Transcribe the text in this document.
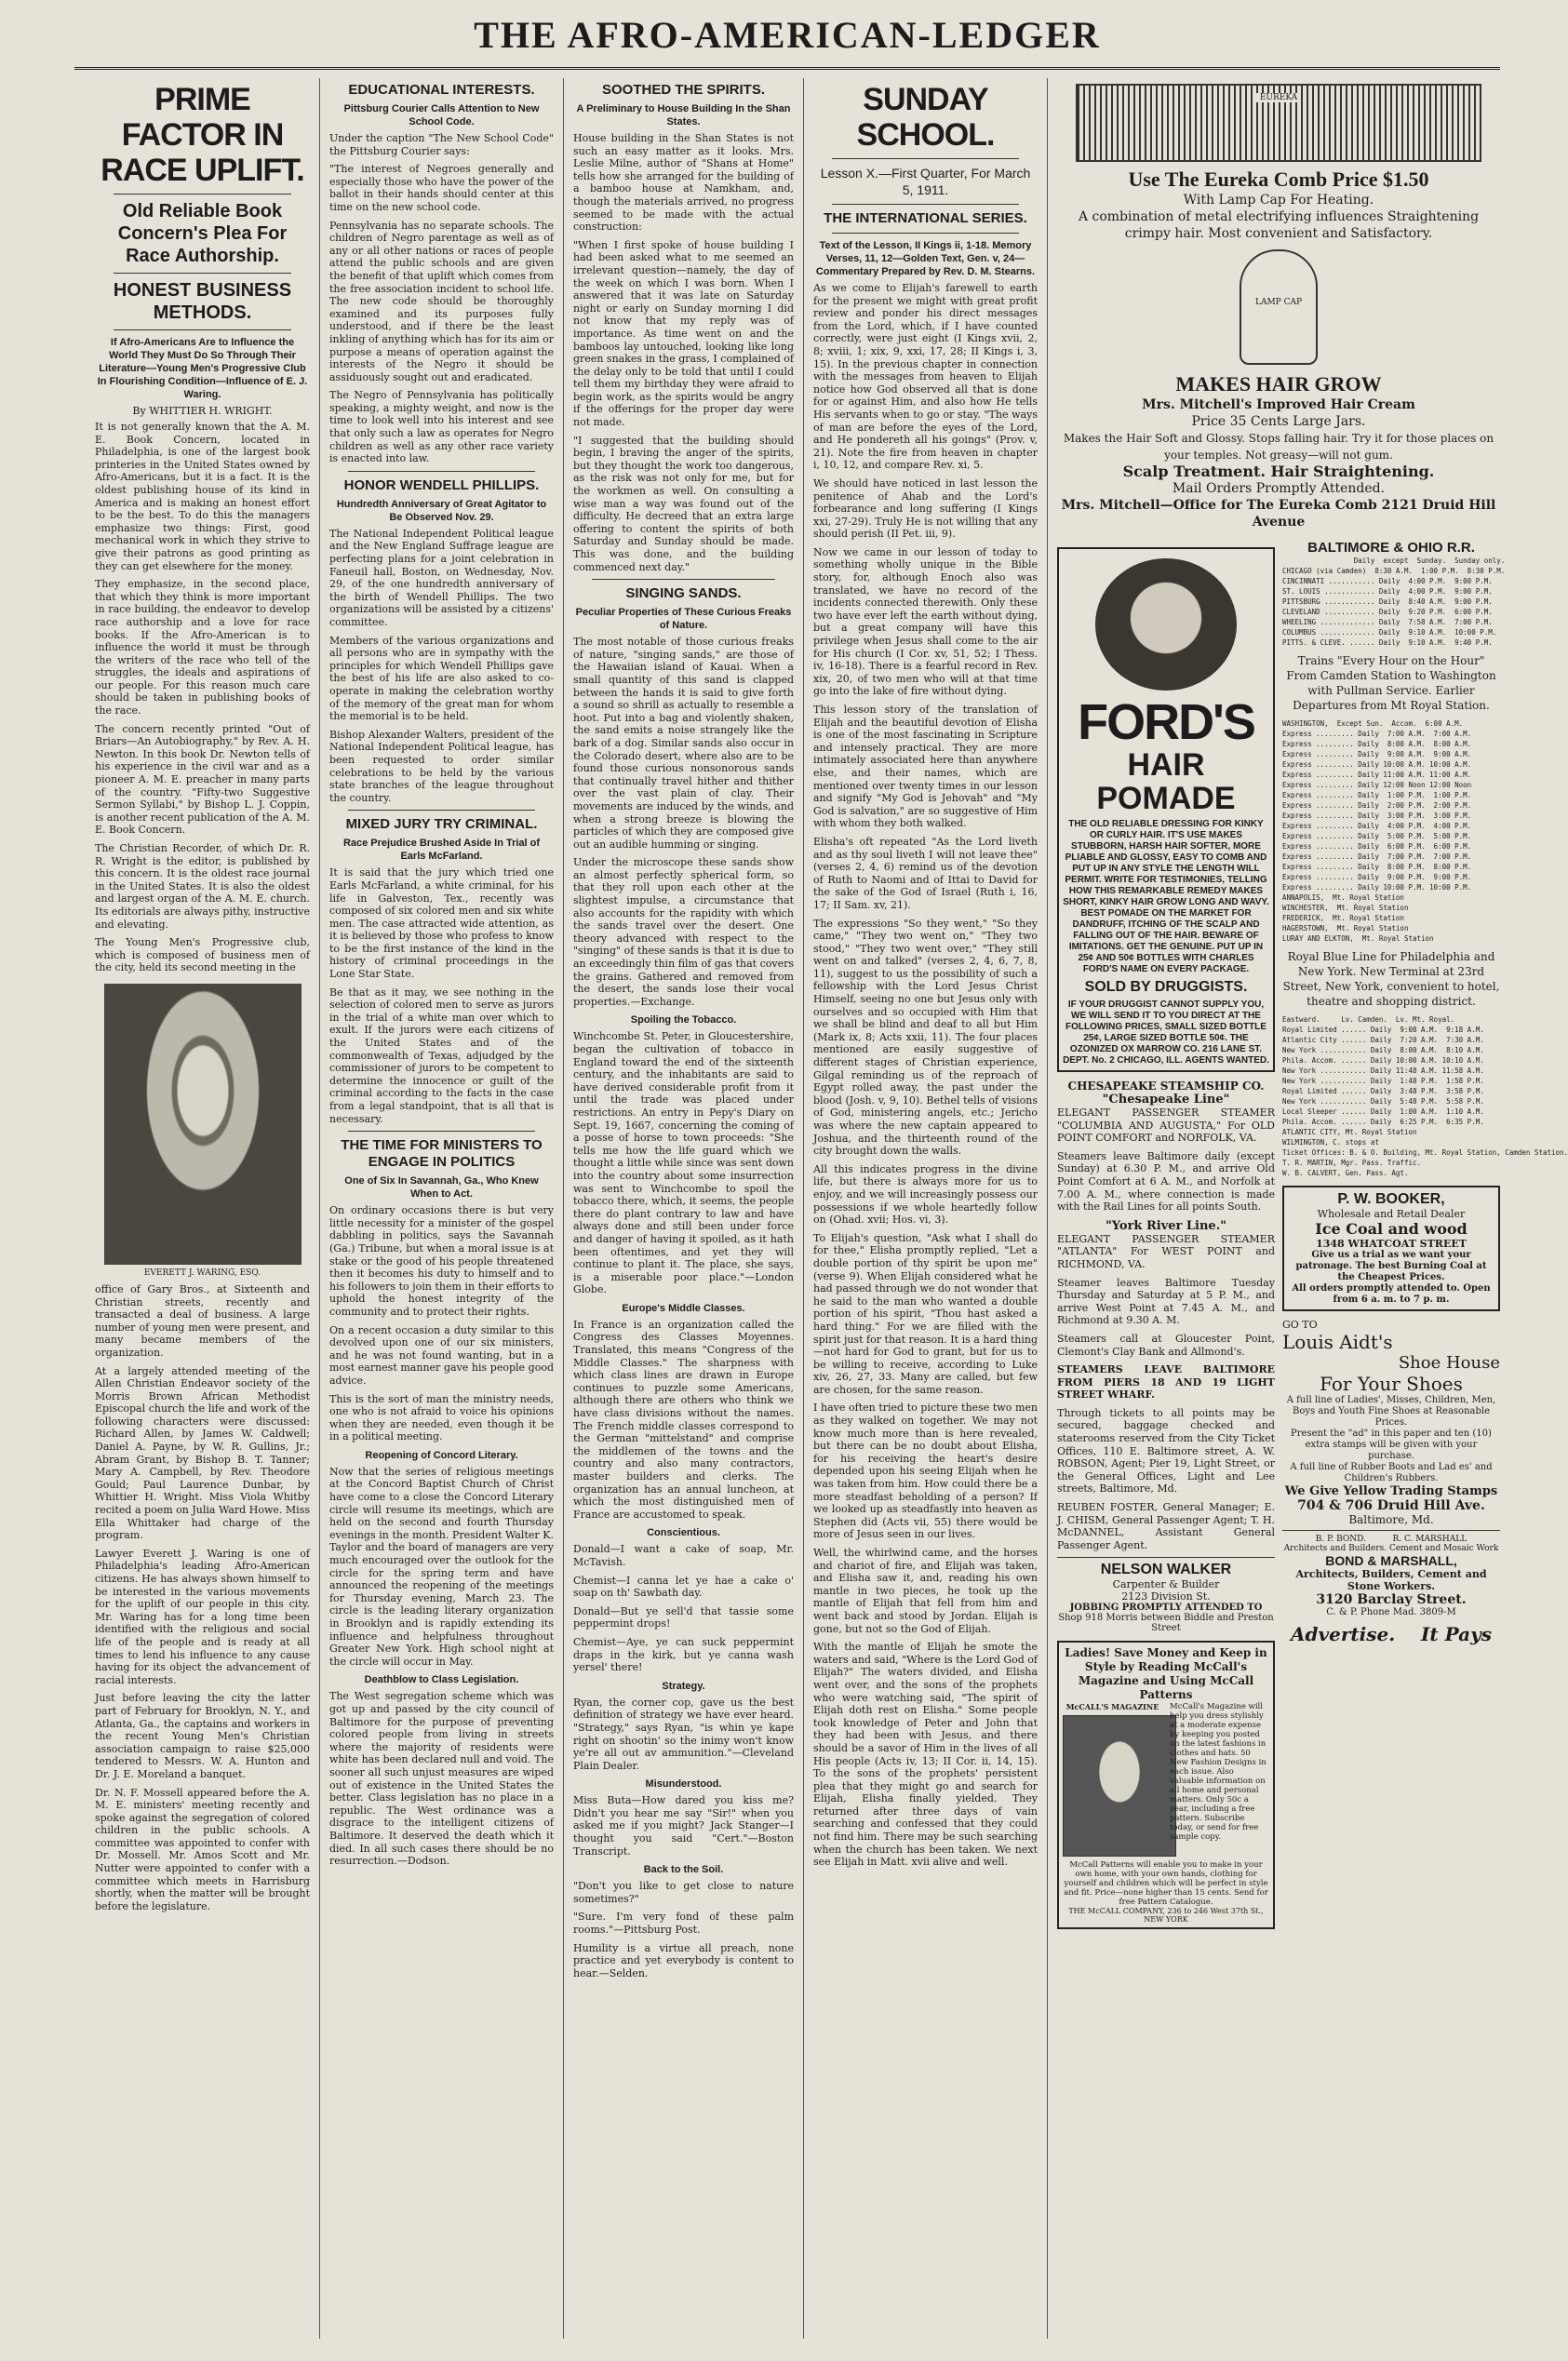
THE AFRO-AMERICAN-LEDGER
PRIME FACTOR IN RACE UPLIFT.
Old Reliable Book Concern's Plea For Race Authorship.
HONEST BUSINESS METHODS.
If Afro-Americans Are to Influence the World They Must Do So Through Their Literature—Young Men's Progressive Club In Flourishing Condition—Influence of E. J. Waring.
By WHITTIER H. WRIGHT.

It is not generally known that the A. M. E. Book Concern, located in Philadelphia, is one of the largest book printeries in the United States owned by Afro-Americans, but it is a fact. It is the oldest publishing house of its kind in America and is making an honest effort to be the best. To do this the managers emphasize two things: First, good mechanical work in which they strive to give their patrons as good printing as they can get elsewhere for the money.

They emphasize, in the second place, that which they think is more important in race building, the endeavor to develop race authorship and a love for race books. If the Afro-American is to influence the world it must be through the writers of the race who tell of the struggles, the ideals and aspirations of our people. For this reason much care should be taken in publishing books of the race.

The concern recently printed "Out of Briars—An Autobiography," by Rev. A. H. Newton. In this book Dr. Newton tells of his experience in the civil war and as a pioneer A. M. E. preacher in many parts of the country. "Fifty-two Suggestive Sermon Syllabi," by Bishop L. J. Coppin, is another recent publication of the A. M. E. Book Concern.

The Christian Recorder, of which Dr. R. R. Wright is the editor, is published by this concern. It is the oldest race journal in the United States. It is also the oldest and largest organ of the A. M. E. church. Its editorials are always pithy, instructive and elevating.

The Young Men's Progressive club, which is composed of business men of the city, held its second meeting in the

EVERETT J. WARING, ESQ.

office of Gary Bros., at Sixteenth and Christian streets, recently and transacted a deal of business. A large number of young men were present, and many became members of the organization.

At a largely attended meeting of the Allen Christian Endeavor society of the Morris Brown African Methodist Episcopal church the life and work of the following characters were discussed: Richard Allen, by James W. Caldwell; Daniel A. Payne, by W. R. Gullins, Jr.; Abram Grant, by Bishop B. T. Tanner; Mary A. Campbell, by Rev. Theodore Gould; Paul Laurence Dunbar, by Whittier H. Wright. Miss Viola Whitby recited a poem on Julia Ward Howe. Miss Ella Whittaker had charge of the program.

Lawyer Everett J. Waring is one of Philadelphia's leading Afro-American citizens. He has always shown himself to be interested in the various movements for the uplift of our people in this city. Mr. Waring has for a long time been identified with the religious and social life of the people and is ready at all times to lend his influence to any cause having for its object the advancement of racial interests.

Just before leaving the city the latter part of February for Brooklyn, N. Y., and Atlanta, Ga., the captains and workers in the recent Young Men's Christian association campaign to raise $25,000 tendered to Messrs. W. A. Hunton and Dr. J. E. Moreland a banquet.

Dr. N. F. Mossell appeared before the A. M. E. ministers' meeting recently and spoke against the segregation of colored children in the public schools. A committee was appointed to confer with Dr. Mossell. Mr. Amos Scott and Mr. Nutter were appointed to confer with a committee which meets in Harrisburg shortly, when the matter will be brought before the legislature.

EDUCATIONAL INTERESTS.
Pittsburg Courier Calls Attention to New School Code.

Under the caption "The New School Code" the Pittsburg Courier says:

"The interest of Negroes generally and especially those who have the power of the ballot in their hands should center at this time on the new school code.

Pennsylvania has no separate schools. The children of Negro parentage as well as of any or all other nations or races of people attend the public schools and are given the benefit of that uplift which comes from the free association incident to school life. The new code should be thoroughly examined and its purposes fully understood, and if there be the least inkling of anything which has for its aim or purpose a means of operation against the interests of the Negro it should be assiduously sought out and eradicated.

The Negro of Pennsylvania has politically speaking, a mighty weight, and now is the time to look well into his interest and see that only such a law as operates for Negro children as well as any other race variety is enacted into law.

HONOR WENDELL PHILLIPS.
Hundredth Anniversary of Great Agitator to Be Observed Nov. 29.

The National Independent Political league and the New England Suffrage league are perfecting plans for a joint celebration in Faneuil hall, Boston, on Wednesday, Nov. 29, of the one hundredth anniversary of the birth of Wendell Phillips. The two organizations will be assisted by a citizens' committee.

Members of the various organizations and all persons who are in sympathy with the principles for which Wendell Phillips gave the best of his life are also asked to co-operate in making the celebration worthy of the memory of the great man for whom the memorial is to be held.

Bishop Alexander Walters, president of the National Independent Political league, has been requested to order similar celebrations to be held by the various state branches of the league throughout the country.

MIXED JURY TRY CRIMINAL.
Race Prejudice Brushed Aside In Trial of Earls McFarland.

It is said that the jury which tried one Earls McFarland, a white criminal, for his life in Galveston, Tex., recently was composed of six colored men and six white men. The case attracted wide attention, as it is believed by those who profess to know to be the first instance of the kind in the history of criminal proceedings in the Lone Star State.

Be that as it may, we see nothing in the selection of colored men to serve as jurors in the trial of a white man over which to exult. If the jurors were each citizens of the United States and of the commonwealth of Texas, adjudged by the commissioner of jurors to be competent to determine the innocence or guilt of the criminal according to the facts in the case from a legal standpoint, that is all that is necessary.

THE TIME FOR MINISTERS TO ENGAGE IN POLITICS
One of Six In Savannah, Ga., Who Knew When to Act.

On ordinary occasions there is but very little necessity for a minister of the gospel dabbling in politics, says the Savannah (Ga.) Tribune, but when a moral issue is at stake or the good of his people threatened then it becomes his duty to himself and to his followers to join them in their efforts to uphold the honest integrity of the community and to protect their rights.

On a recent occasion a duty similar to this devolved upon one of our six ministers, and he was not found wanting, but in a most earnest manner gave his people good advice.

This is the sort of man the ministry needs, one who is not afraid to voice his opinions when they are needed, even though it be in a political meeting.

Reopening of Concord Literary.

Now that the series of religious meetings at the Concord Baptist Church of Christ have come to a close the Concord Literary circle will resume its meetings, which are held on the second and fourth Thursday evenings in the month. President Walter K. Taylor and the board of managers are very much encouraged over the outlook for the circle for the spring term and have announced the reopening of the meetings for Thursday evening, March 23. The circle is the leading literary organization in Brooklyn and is rapidly extending its influence and helpfulness throughout Greater New York. High school night at the circle will occur in May.

Deathblow to Class Legislation.

The West segregation scheme which was got up and passed by the city council of Baltimore for the purpose of preventing colored people from living in streets where the majority of residents were white has been declared null and void. The sooner all such unjust measures are wiped out of existence in the United States the better. Class legislation has no place in a republic. The West ordinance was a disgrace to the intelligent citizens of Baltimore. It deserved the death which it died. In all such cases there should be no resurrection.—Dodson.

SOOTHED THE SPIRITS.
A Preliminary to House Building In the Shan States.

House building in the Shan States is not such an easy matter as it looks. Mrs. Leslie Milne, author of "Shans at Home" tells how she arranged for the building of a bamboo house at Namkham, and, though the materials arrived, no progress seemed to be made with the actual construction:

"When I first spoke of house building I had been asked what to me seemed an irrelevant question—namely, the day of the week on which I was born. When I answered that it was late on Saturday night or early on Sunday morning I did not know that my reply was of importance. As time went on and the bamboos lay untouched, looking like long green snakes in the grass, I complained of the delay only to be told that until I could tell them my birthday they were afraid to begin work, as the spirits would be angry if the offerings for the proper day were not made.

"I suggested that the building should begin, I braving the anger of the spirits, but they thought the work too dangerous, as the risk was not only for me, but for the workmen as well. On consulting a wise man a way was found out of the difficulty. He decreed that an extra large offering to content the spirits of both Saturday and Sunday should be made. This was done, and the building commenced next day."

SINGING SANDS.
Peculiar Properties of These Curious Freaks of Nature.

The most notable of those curious freaks of nature, "singing sands," are those of the Hawaiian island of Kauai. When a small quantity of this sand is clapped between the hands it is said to give forth a sound so shrill as actually to resemble a hoot. Put into a bag and violently shaken, the sand emits a noise strangely like the bark of a dog. Similar sands also occur in the Colorado desert, where also are to be found those curious nonsonorous sands that continually travel hither and thither over the vast plain of clay. Their movements are induced by the winds, and when a strong breeze is blowing the particles of which they are composed give out an audible humming or singing.

Under the microscope these sands show an almost perfectly spherical form, so that they roll upon each other at the slightest impulse, a circumstance that also accounts for the rapidity with which the sands travel over the desert. One theory advanced with respect to the "singing" of these sands is that it is due to an exceedingly thin film of gas that covers the grains. Gathered and removed from the desert, the sands lose their vocal properties.—Exchange.

Spoiling the Tobacco.

Winchcombe St. Peter, in Gloucestershire, began the cultivation of tobacco in England toward the end of the sixteenth century, and the inhabitants are said to have derived considerable profit from it until the trade was placed under restrictions. An entry in Pepy's Diary on Sept. 19, 1667, concerning the coming of a posse of horse to town proceeds: "She tells me how the life guard which we thought a little while since was sent down into the country about some insurrection was sent to Winchcombe to spoil the tobacco there, which, it seems, the people there do plant contrary to law and have always done and still been under force and danger of having it spoiled, as it hath been oftentimes, and yet they will continue to plant it. The place, she says, is a miserable poor place."—London Globe.

Europe's Middle Classes.

In France is an organization called the Congress des Classes Moyennes. Translated, this means "Congress of the Middle Classes." The sharpness with which class lines are drawn in Europe continues to puzzle some Americans, although there are others who think we have class divisions without the names. The French middle classes correspond to the German "mittelstand" and comprise the middlemen of the towns and the country and also many contractors, master builders and clerks. The organization has an annual luncheon, at which the most distinguished men of France are accustomed to speak.

Conscientious.

Donald—I want a cake of soap, Mr. McTavish.

Chemist—I canna let ye hae a cake o' soap on th' Sawbath day.

Donald—But ye sell'd that tassie some peppermint drops!

Chemist—Aye, ye can suck peppermint draps in the kirk, but ye canna wash yersel' there!

Strategy.

Ryan, the corner cop, gave us the best definition of strategy we have ever heard. "Strategy," says Ryan, "is whin ye kape right on shootin' so the inimy won't know ye're all out av ammunition."—Cleveland Plain Dealer.

Misunderstood.

Miss Buta—How dared you kiss me? Didn't you hear me say "Sir!" when you asked me if you might? Jack Stanger—I thought you said "Cert."—Boston Transcript.

Back to the Soil.

"Don't you like to get close to nature sometimes?"

"Sure. I'm very fond of these palm rooms."—Pittsburg Post.

Humility is a virtue all preach, none practice and yet everybody is content to hear.—Selden.

SUNDAY SCHOOL.
Lesson X.—First Quarter, For March 5, 1911.
THE INTERNATIONAL SERIES.
Text of the Lesson, II Kings ii, 1-18. Memory Verses, 11, 12—Golden Text, Gen. v, 24—Commentary Prepared by Rev. D. M. Stearns.

As we come to Elijah's farewell to earth for the present we might with great profit review and ponder his direct messages from the Lord, which, if I have counted correctly, were just eight (I Kings xvii, 2, 8; xviii, 1; xix, 9, xxi, 17, 28; II Kings i, 3, 15). In the previous chapter in connection with the messages from heaven to Elijah notice how God observed all that is done for or against Him, and also how He tells His servants when to go or stay. "The ways of man are before the eyes of the Lord, and He pondereth all his goings" (Prov. v, 21). Note the fire from heaven in chapter i, 10, 12, and compare Rev. xi, 5.

We should have noticed in last lesson the penitence of Ahab and the Lord's forbearance and long suffering (I Kings xxi, 27-29). Truly He is not willing that any should perish (II Pet. iii, 9).

Now we came in our lesson of today to something wholly unique in the Bible story, for, although Enoch also was translated, we have no record of the incidents connected therewith. Only these two have ever left the earth without dying, but a great company will have this privilege when Jesus shall come to the air for His church (I Cor. xv, 51, 52; I Thess. iv, 16-18). There is a fearful record in Rev. xix, 20, of two men who will at that time go into the lake of fire without dying.

This lesson story of the translation of Elijah and the beautiful devotion of Elisha is one of the most fascinating in Scripture and intensely practical. They are more intimately associated here than anywhere else, and their names, which are mentioned over twenty times in our lesson and signify "My God is Jehovah" and "My God is salvation," are so suggestive of Him with whom they both walked.

Elisha's oft repeated "As the Lord liveth and as thy soul liveth I will not leave thee" (verses 2, 4, 6) remind us of the devotion of Ruth to Naomi and of Ittai to David for the sake of the God of Israel (Ruth i, 16, 17; II Sam. xv, 21).

The expressions "So they went," "So they came," "They two went on," "They two stood," "They two went over," "They still went on and talked" (verses 2, 4, 6, 7, 8, 11), suggest to us the possibility of such a fellowship with the Lord Jesus Christ Himself, seeing no one but Jesus only with ourselves and so occupied with Him that we shall be blind and deaf to all but Him (Mark ix, 8; Acts xxii, 11). The four places mentioned are easily suggestive of different stages of Christian experience, Gilgal reminding us of the reproach of Egypt rolled away, the past under the blood (Josh. v, 9, 10). Bethel tells of visions of God, ministering angels, etc.; Jericho was where the new captain appeared to Joshua, and the thirteenth round of the city brought down the walls.

All this indicates progress in the divine life, but there is always more for us to enjoy, and we will increasingly possess our possessions if we whole heartedly follow on (Ohad. xvii; Hos. vi, 3).

To Elijah's question, "Ask what I shall do for thee," Elisha promptly replied, "Let a double portion of thy spirit be upon me" (verse 9). When Elijah considered what he had passed through we do not wonder that he said to the man who wanted a double portion of his spirit, "Thou hast asked a hard thing." For we are filled with the spirit just for that reason. It is a hard thing—not hard for God to grant, but for us to be willing to receive, according to Luke xiv, 26, 27, 33. Many are called, but few are chosen, for the same reason.

I have often tried to picture these two men as they walked on together. We may not know much more than is here revealed, but there can be no doubt about Elisha, for his receiving the heart's desire depended upon his seeing Elijah when he was taken from him. How could there be a more steadfast beholding of a person? If we looked up as steadfastly into heaven as Stephen did (Acts vii, 55) there would be more of Jesus seen in our lives.

Well, the whirlwind came, and the horses and chariot of fire, and Elijah was taken, and Elisha saw it, and, reading his own mantle in two pieces, he took up the mantle of Elijah that fell from him and went back and stood by Jordan. Elijah is gone, but not so the God of Elijah.

With the mantle of Elijah he smote the waters and said, "Where is the Lord God of Elijah?" The waters divided, and Elisha went over, and the sons of the prophets who were watching said, "The spirit of Elijah doth rest on Elisha." Some people took knowledge of Peter and John that they had been with Jesus, and there should be a savor of Him in the lives of all His people (Acts iv, 13; II Cor. ii, 14, 15). To the sons of the prophets' persistent plea that they might go and search for Elijah, Elisha finally yielded. They returned after three days of vain searching and confessed that they could not find him. There may be such searching when the church has been taken. We next see Elijah in Matt. xvii alive and well.

EUREKA
Use The Eureka Comb Price $1.50
With Lamp Cap For Heating.
A combination of metal electrifying influences Straightening crimpy hair. Most convenient and Satisfactory.
LAMP CAP
MAKES HAIR GROW
Mrs. Mitchell's Improved Hair Cream
Price 35 Cents Large Jars.
Makes the Hair Soft and Glossy. Stops falling hair. Try it for those places on your temples. Not greasy—will not gum.
Scalp Treatment. Hair Straightening.
Mail Orders Promptly Attended.
Mrs. Mitchell—Office for The Eureka Comb 2121 Druid Hill Avenue
FORD'S
HAIR POMADE
THE OLD RELIABLE DRESSING FOR KINKY OR CURLY HAIR. IT'S USE MAKES STUBBORN, HARSH HAIR SOFTER, MORE PLIABLE AND GLOSSY, EASY TO COMB AND PUT UP IN ANY STYLE THE LENGTH WILL PERMIT. WRITE FOR TESTIMONIES, TELLING HOW THIS REMARKABLE REMEDY MAKES SHORT, KINKY HAIR GROW LONG AND WAVY. BEST POMADE ON THE MARKET FOR DANDRUFF, ITCHING OF THE SCALP AND FALLING OUT OF THE HAIR. BEWARE OF IMITATIONS. GET THE GENUINE. PUT UP IN 25¢ AND 50¢ BOTTLES WITH CHARLES FORD'S NAME ON EVERY PACKAGE.
SOLD BY DRUGGISTS.
IF YOUR DRUGGIST CANNOT SUPPLY YOU, WE WILL SEND IT TO YOU DIRECT AT THE FOLLOWING PRICES, SMALL SIZED BOTTLE 25¢, LARGE SIZED BOTTLE 50¢. THE OZONIZED OX MARROW CO. 216 LANE ST. DEPT. No. 2 CHICAGO, ILL. AGENTS WANTED.
CHESAPEAKE STEAMSHIP CO.
"Chesapeake Line"

ELEGANT PASSENGER STEAMER "COLUMBIA AND AUGUSTA," For OLD POINT COMFORT and NORFOLK, VA.

Steamers leave Baltimore daily (except Sunday) at 6.30 P. M., and arrive Old Point Comfort at 6 A. M., and Norfolk at 7.00 A. M., where connection is made with the Rail Lines for all points South.

"York River Line."

ELEGANT PASSENGER STEAMER "ATLANTA" For WEST POINT and RICHMOND, VA.

Steamer leaves Baltimore Tuesday Thursday and Saturday at 5 P. M., and arrive West Point at 7.45 A. M., and Richmond at 9.30 A. M.

Steamers call at Gloucester Point, Clemont's Clay Bank and Allmond's.

STEAMERS LEAVE BALTIMORE FROM PIERS 18 AND 19 LIGHT STREET WHARF.

Through tickets to all points may be secured, baggage checked and staterooms reserved from the City Ticket Offices, 110 E. Baltimore street, A. W. ROBSON, Agent; Pier 19, Light Street, or the General Offices, Light and Lee streets, Baltimore, Md.

REUBEN FOSTER, General Manager; E. J. CHISM, General Passenger Agent; T. H. McDANNEL, Assistant General Passenger Agent.

NELSON WALKER
Carpenter & Builder
2123 Division St.
JOBBING PROMPTLY ATTENDED TO
Shop 918 Morris between Biddle and Preston Street
Ladies! Save Money and Keep in Style by Reading McCall's Magazine and Using McCall Patterns
McCALL'S MAGAZINE	McCall's Magazine will help you dress stylishly at a moderate expense by keeping you posted on the latest fashions in clothes and hats. 50 New Fashion Designs in each issue. Also valuable information on all home and personal matters. Only 50c a year, including a free pattern. Subscribe today, or send for free sample copy.
McCall Patterns will enable you to make in your own home, with your own hands, clothing for yourself and children which will be perfect in style and fit. Price—none higher than 15 cents. Send for free Pattern Catalogue.
THE McCALL COMPANY, 236 to 246 West 37th St., NEW YORK
BALTIMORE & OHIO R.R.
Daily  except  Sunday.  Sunday only.
CHICAGO (via Camden)  8:30 A.M.  1:00 P.M.  8:30 P.M.
CINCINNATI ........... Daily  4:00 P.M.  9:00 P.M.
ST. LOUIS ............ Daily  4:00 P.M.  9:00 P.M.
PITTSBURG ............ Daily  8:40 A.M.  9:00 P.M.
CLEVELAND ............ Daily  9:20 P.M.  6:00 P.M.
WHEELING ............. Daily  7:58 A.M.  7:00 P.M.
COLUMBUS ............. Daily  9:10 A.M.  10:00 P.M.
PITTS. & CLEVE. ...... Daily  9:10 A.M.  9:40 P.M.
Trains "Every Hour on the Hour" From Camden Station to Washington with Pullman Service. Earlier Departures from Mt Royal Station.
WASHINGTON,  Except Sun.  Accom.  6:00 A.M.
Express ......... Daily  7:00 A.M.  7:00 A.M.
Express ......... Daily  8:00 A.M.  8:00 A.M.
Express ......... Daily  9:00 A.M.  9:00 A.M.
Express ......... Daily 10:00 A.M. 10:00 A.M.
Express ......... Daily 11:00 A.M. 11:00 A.M.
Express ......... Daily 12:00 Noon 12:00 Noon
Express ......... Daily  1:00 P.M.  1:00 P.M.
Express ......... Daily  2:00 P.M.  2:00 P.M.
Express ......... Daily  3:00 P.M.  3:00 P.M.
Express ......... Daily  4:00 P.M.  4:00 P.M.
Express ......... Daily  5:00 P.M.  5:00 P.M.
Express ......... Daily  6:00 P.M.  6:00 P.M.
Express ......... Daily  7:00 P.M.  7:00 P.M.
Express ......... Daily  8:00 P.M.  8:00 P.M.
Express ......... Daily  9:00 P.M.  9:00 P.M.
Express ......... Daily 10:00 P.M. 10:00 P.M.
ANNAPOLIS,  Mt. Royal Station
WINCHESTER,  Mt. Royal Station
FREDERICK,  Mt. Royal Station
HAGERSTOWN,  Mt. Royal Station
LURAY AND ELKTON,  Mt. Royal Station
Royal Blue Line for Philadelphia and New York. New Terminal at 23rd Street, New York, convenient to hotel, theatre and shopping district.
Eastward.     Lv. Camden.  Lv. Mt. Royal.
Royal Limited ...... Daily  9:08 A.M.  9:18 A.M.
Atlantic City ...... Daily  7:20 A.M.  7:30 A.M.
New York ........... Daily  8:00 A.M.  8:10 A.M.
Phila. Accom. ...... Daily 10:00 A.M. 10:10 A.M.
New York ........... Daily 11:48 A.M. 11:58 A.M.
New York ........... Daily  1:48 P.M.  1:58 P.M.
Royal Limited ...... Daily  3:48 P.M.  3:58 P.M.
New York ........... Daily  5:48 P.M.  5:58 P.M.
Local Sleeper ...... Daily  1:00 A.M.  1:10 A.M.
Phila. Accom. ...... Daily  6:25 P.M.  6:35 P.M.
ATLANTIC CITY, Mt. Royal Station
WILMINGTON, C. stops at
Ticket Offices: B. & O. Building, Mt. Royal Station, Camden Station.
T. R. MARTIN, Mgr. Pass. Traffic.
W. B. CALVERT, Gen. Pass. Agt.
P. W. BOOKER,
Wholesale and Retail Dealer
Ice Coal and wood
1348 WHATCOAT STREET
Give us a trial as we want your patronage. The best Burning Coal at the Cheapest Prices.
All orders promptly attended to. Open from 6 a. m. to 7 p. m.
GO TO
Louis Aidt's
Shoe House
For Your Shoes
A full line of Ladies', Misses, Children, Men, Boys and Youth Fine Shoes at Reasonable Prices.
Present the "ad" in this paper and ten (10) extra stamps will be given with your purchase.
A full line of Rubber Boots and Lad es' and Children's Rubbers.
We Give Yellow Trading Stamps
704 & 706 Druid Hill Ave.
Baltimore, Md.
B. P. BOND.          R. C. MARSHALL
Architects and Builders. Cement and Mosaic Work
BOND & MARSHALL,
Architects, Builders, Cement and Stone Workers.
3120 Barclay Street.
C. & P. Phone Mad. 3809-M
Advertise.    It Pays
